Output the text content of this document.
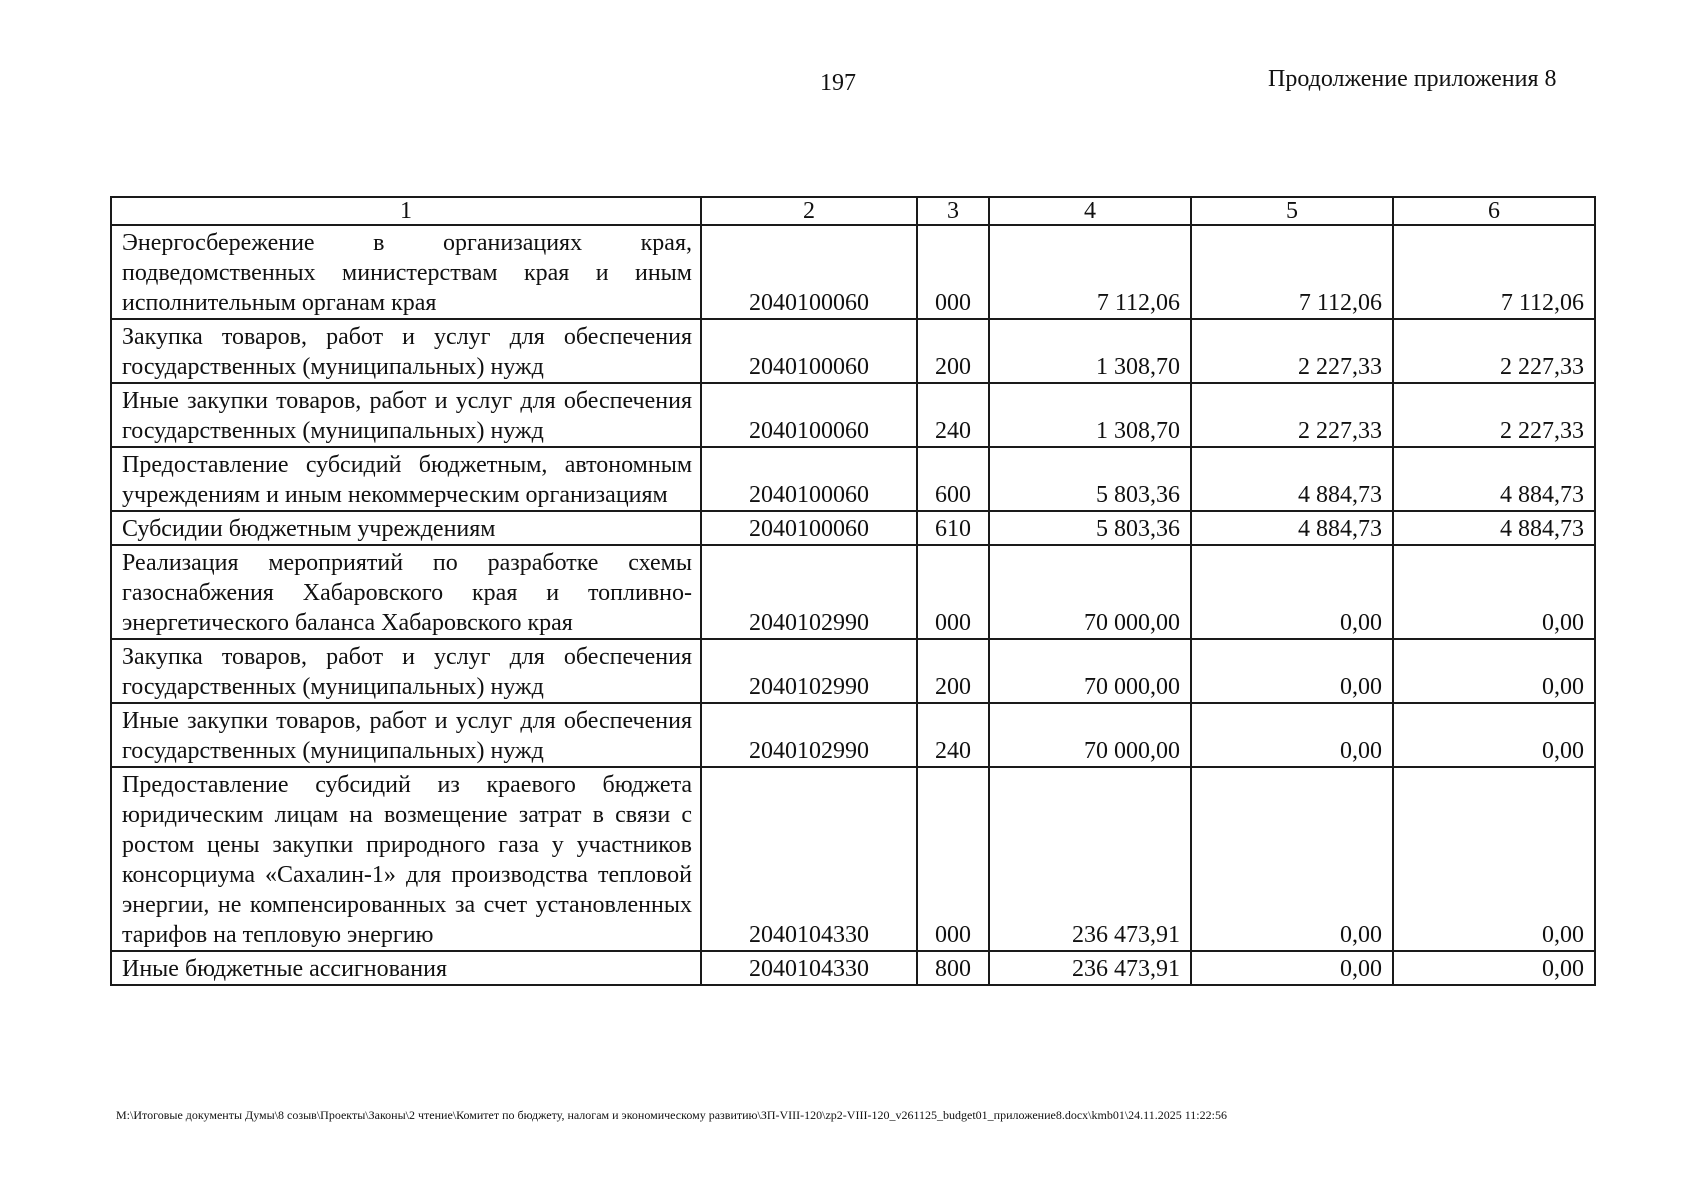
197	Продолжение приложения 8
1	2	3	4	5	6
Энергосбережение в организациях края, подведомственных министерствам края и иным исполнительным органам края	2040100060	000	7 112,06	7 112,06	7 112,06
Закупка товаров, работ и услуг для обеспечения государственных (муниципальных) нужд	2040100060	200	1 308,70	2 227,33	2 227,33
Иные закупки товаров, работ и услуг для обеспечения государственных (муниципальных) нужд	2040100060	240	1 308,70	2 227,33	2 227,33
Предоставление субсидий бюджетным, автономным учреждениям и иным некоммерческим организациям	2040100060	600	5 803,36	4 884,73	4 884,73
Субсидии бюджетным учреждениям	2040100060	610	5 803,36	4 884,73	4 884,73
Реализация мероприятий по разработке схемы газоснабжения Хабаровского края и топливно-энергетического баланса Хабаровского края	2040102990	000	70 000,00	0,00	0,00
Закупка товаров, работ и услуг для обеспечения государственных (муниципальных) нужд	2040102990	200	70 000,00	0,00	0,00
Иные закупки товаров, работ и услуг для обеспечения государственных (муниципальных) нужд	2040102990	240	70 000,00	0,00	0,00
Предоставление субсидий из краевого бюджета юридическим лицам на возмещение затрат в связи с ростом цены закупки природного газа у участников консорциума «Сахалин-1» для производства тепловой энергии, не компенсированных за счет установленных тарифов на тепловую энергию	2040104330	000	236 473,91	0,00	0,00
Иные бюджетные ассигнования	2040104330	800	236 473,91	0,00	0,00
M:\Итоговые документы Думы\8 созыв\Проекты\Законы\2 чтение\Комитет по бюджету, налогам и экономическому развитию\ЗП-VIII-120\zp2-VIII-120_v261125_budget01_приложение8.docx\kmb01\24.11.2025 11:22:56
